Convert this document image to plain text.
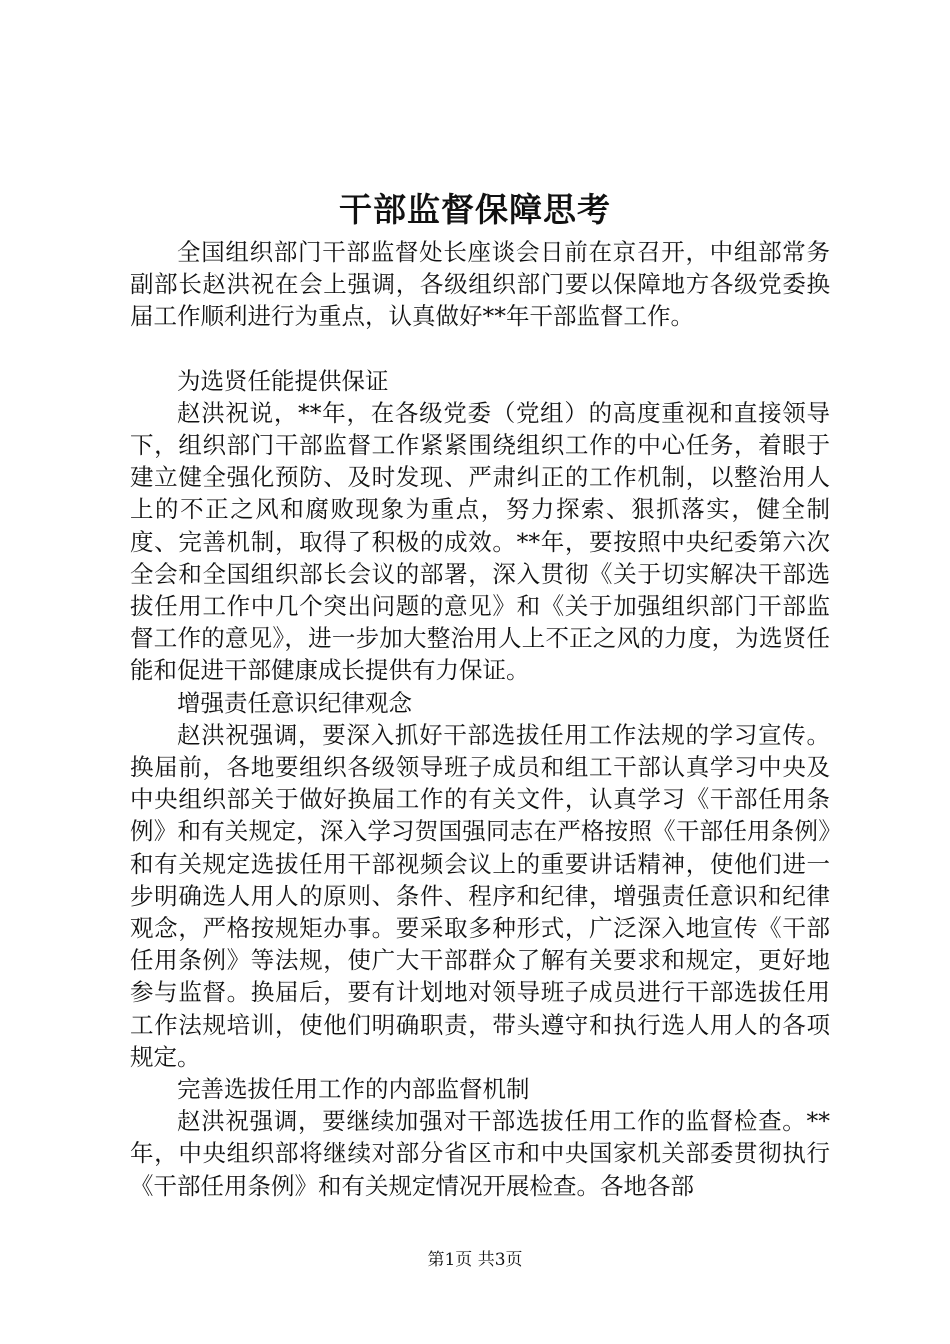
干部监督保障思考

全国组织部门干部监督处长座谈会日前在京召开，中组部常务副部长赵洪祝在会上强调，各级组织部门要以保障地方各级党委换届工作顺利进行为重点，认真做好**年干部监督工作。

为选贤任能提供保证

赵洪祝说，**年，在各级党委（党组）的高度重视和直接领导下，组织部门干部监督工作紧紧围绕组织工作的中心任务，着眼于建立健全强化预防、及时发现、严肃纠正的工作机制，以整治用人上的不正之风和腐败现象为重点，努力探索、狠抓落实，健全制度、完善机制，取得了积极的成效。**年，要按照中央纪委第六次全会和全国组织部长会议的部署，深入贯彻《关于切实解决干部选拔任用工作中几个突出问题的意见》和《关于加强组织部门干部监督工作的意见》，进一步加大整治用人上不正之风的力度，为选贤任能和促进干部健康成长提供有力保证。

增强责任意识纪律观念

赵洪祝强调，要深入抓好干部选拔任用工作法规的学习宣传。换届前，各地要组织各级领导班子成员和组工干部认真学习中央及中央组织部关于做好换届工作的有关文件，认真学习《干部任用条例》和有关规定，深入学习贺国强同志在严格按照《干部任用条例》和有关规定选拔任用干部视频会议上的重要讲话精神，使他们进一步明确选人用人的原则、条件、程序和纪律，增强责任意识和纪律观念，严格按规矩办事。要采取多种形式，广泛深入地宣传《干部任用条例》等法规，使广大干部群众了解有关要求和规定，更好地参与监督。换届后，要有计划地对领导班子成员进行干部选拔任用工作法规培训，使他们明确职责，带头遵守和执行选人用人的各项规定。

完善选拔任用工作的内部监督机制

赵洪祝强调，要继续加强对干部选拔任用工作的监督检查。**年，中央组织部将继续对部分省区市和中央国家机关部委贯彻执行《干部任用条例》和有关规定情况开展检查。各地各部

第1页 共3页
